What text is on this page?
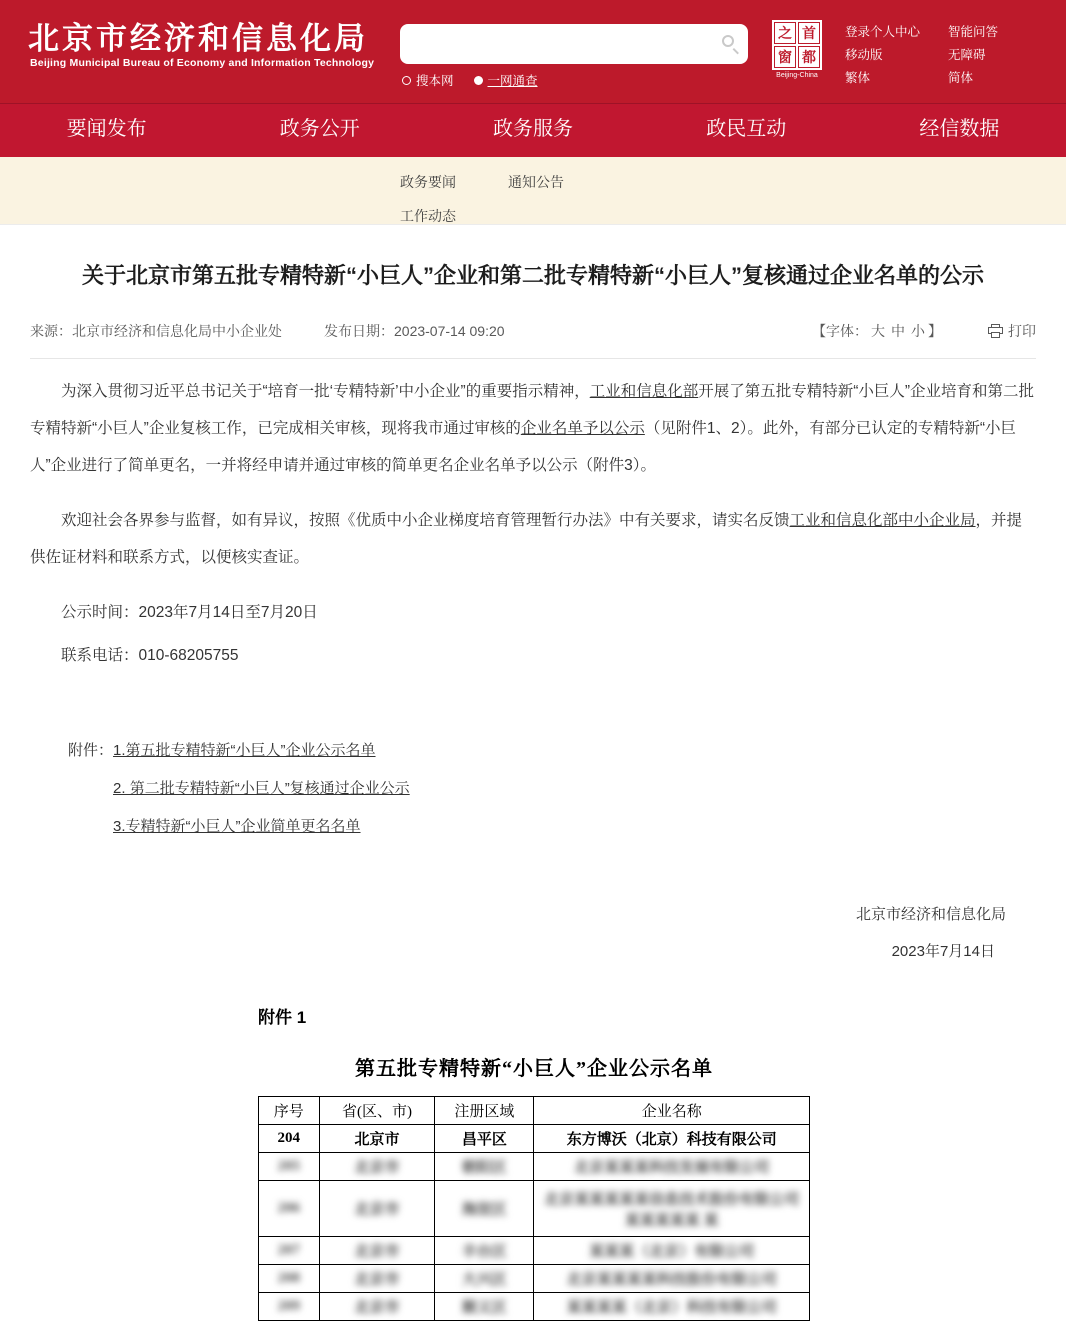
北京市经济和信息化局
Beijing Municipal Bureau of Economy and Information Technology
搜本网	一网通查
之 首
窗 都
Beijing-China
登录个人中心
移动版
繁体
智能问答
无障碍
简体
要闻发布	政务公开	政务服务	政民互动	经信数据
政务要闻	通知公告
工作动态
关于北京市第五批专精特新“小巨人”企业和第二批专精特新“小巨人”复核通过企业名单的公示
来源：北京市经济和信息化局中小企业处	发布日期：2023-07-14 09:20	【字体： 大 中 小 】	打印

为深入贯彻习近平总书记关于“培育一批‘专精特新’中小企业”的重要指示精神，工业和信息化部开展了第五批专精特新“小巨人”企业培育和第二批专精特新“小巨人”企业复核工作，已完成相关审核，现将我市通过审核的企业名单予以公示（见附件1、2）。此外，有部分已认定的专精特新“小巨人”企业进行了简单更名，一并将经申请并通过审核的简单更名企业名单予以公示（附件3）。

欢迎社会各界参与监督，如有异议，按照《优质中小企业梯度培育管理暂行办法》中有关要求，请实名反馈工业和信息化部中小企业局，并提供佐证材料和联系方式，以便核实查证。

公示时间：2023年7月14日至7月20日

联系电话：010-68205755

附件： 1.第五批专精特新“小巨人”企业公示名单
2. 第二批专精特新“小巨人”复核通过企业公示
3.专精特新“小巨人”企业简单更名名单
北京市经济和信息化局
2023年7月14日
附件 1
第五批专精特新“小巨人”企业公示名单
序号	省(区、市)	注册区域	企业名称
204	北京市	昌平区	东方博沃（北京）科技有限公司
205	北京市	朝阳区	北京某某某科技发展有限公司
206	北京市	海淀区	北京某某某某某信息技术股份有限公司某某某某某 某
207	北京市	丰台区	某某某（北京）有限公司
208	北京市	大兴区	北京某某某某科技股份有限公司
209	北京市	顺义区	某某某某（北京）科技有限公司
